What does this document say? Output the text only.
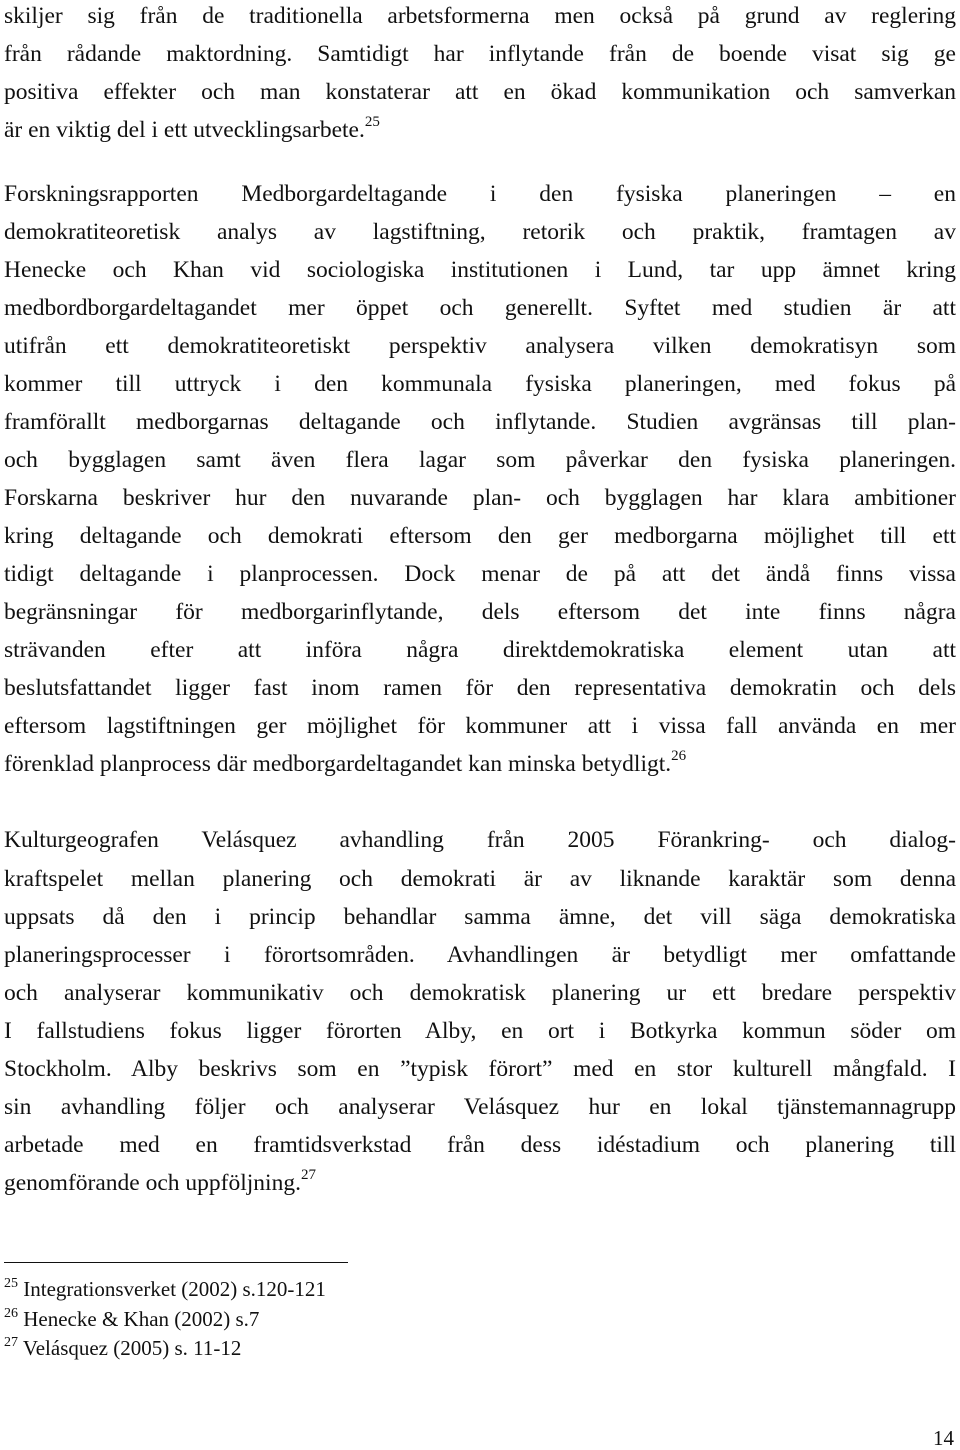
skiljer sig från de traditionella arbetsformerna men också på grund av reglering
från rådande maktordning. Samtidigt har inflytande från de boende visat sig ge
positiva effekter och man konstaterar att en ökad kommunikation och samverkan
är en viktig del i ett utvecklingsarbete.$^{25}$
Forskningsrapporten Medborgardeltagande i den fysiska planeringen – en
demokratiteoretisk analys av lagstiftning, retorik och praktik, framtagen av
Henecke och Khan vid sociologiska institutionen i Lund, tar upp ämnet kring
medbordborgardeltagandet mer öppet och generellt. Syftet med studien är att
utifrån ett demokratiteoretiskt perspektiv analysera vilken demokratisyn som
kommer till uttryck i den kommunala fysiska planeringen, med fokus på
framförallt medborgarnas deltagande och inflytande. Studien avgränsas till plan-
och bygglagen samt även flera lagar som påverkar den fysiska planeringen.
Forskarna beskriver hur den nuvarande plan- och bygglagen har klara ambitioner
kring deltagande och demokrati eftersom den ger medborgarna möjlighet till ett
tidigt deltagande i planprocessen. Dock menar de på att det ändå finns vissa
begränsningar för medborgarinflytande, dels eftersom det inte finns några
strävanden efter att införa några direktdemokratiska element utan att
beslutsfattandet ligger fast inom ramen för den representativa demokratin och dels
eftersom lagstiftningen ger möjlighet för kommuner att i vissa fall använda en mer
förenklad planprocess där medborgardeltagandet kan minska betydligt.$^{26}$
Kulturgeografen Velásquez avhandling från 2005 Förankring- och dialog-
kraftspelet mellan planering och demokrati är av liknande karaktär som denna
uppsats då den i princip behandlar samma ämne, det vill säga demokratiska
planeringsprocesser i förortsområden. Avhandlingen är betydligt mer omfattande
och analyserar kommunikativ och demokratisk planering ur ett bredare perspektiv
I fallstudiens fokus ligger förorten Alby, en ort i Botkyrka kommun söder om
Stockholm. Alby beskrivs som en ”typisk förort” med en stor kulturell mångfald. I
sin avhandling följer och analyserar Velásquez hur en lokal tjänstemannagrupp
arbetade med en framtidsverkstad från dess idéstadium och planering till
genomförande och uppföljning.$^{27}$
$^{25}$ Integrationsverket (2002) s.120-121
$^{26}$ Henecke & Khan (2002) s.7
$^{27}$ Velásquez (2005) s. 11-12
14
